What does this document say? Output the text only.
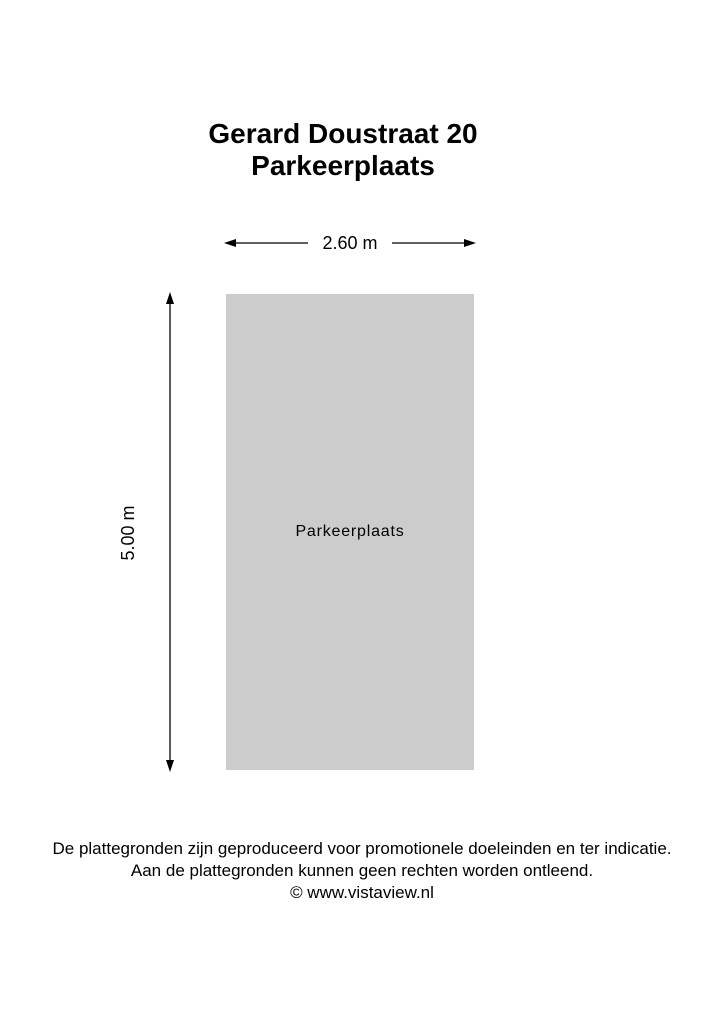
Gerard Doustraat 20
Parkeerplaats
2.60 m
5.00 m	Parkeerplaats
De plattegronden zijn geproduceerd voor promotionele doeleinden en ter indicatie.
Aan de plattegronden kunnen geen rechten worden ontleend.
© www.vistaview.nl
